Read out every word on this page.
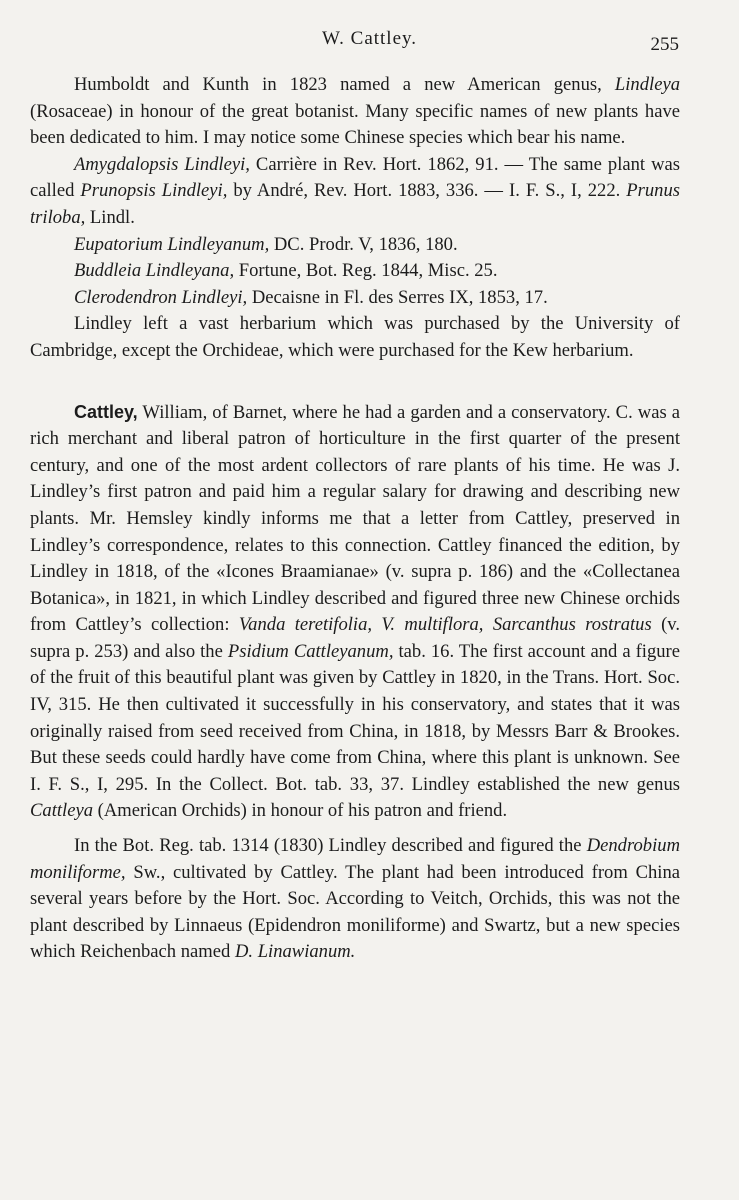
W. Cattley.	255

Humboldt and Kunth in 1823 named a new American genus, Lindleya (Rosaceae) in honour of the great botanist. Many specific names of new plants have been dedicated to him. I may notice some Chinese species which bear his name.

Amygdalopsis Lindleyi, Carrière in Rev. Hort. 1862, 91. — The same plant was called Prunopsis Lindleyi, by André, Rev. Hort. 1883, 336. — I. F. S., I, 222. Prunus triloba, Lindl.

Eupatorium Lindleyanum, DC. Prodr. V, 1836, 180.

Buddleia Lindleyana, Fortune, Bot. Reg. 1844, Misc. 25.

Clerodendron Lindleyi, Decaisne in Fl. des Serres IX, 1853, 17.

Lindley left a vast herbarium which was purchased by the University of Cambridge, except the Orchideae, which were purchased for the Kew herbarium.

Cattley, William, of Barnet, where he had a garden and a conservatory. C. was a rich merchant and liberal patron of horticulture in the first quarter of the present century, and one of the most ardent collectors of rare plants of his time. He was J. Lindley’s first patron and paid him a regular salary for drawing and describing new plants. Mr. Hemsley kindly informs me that a letter from Cattley, preserved in Lindley’s correspondence, relates to this connection. Cattley financed the edition, by Lindley in 1818, of the «Icones Braamianae» (v. supra p. 186) and the «Collectanea Botanica», in 1821, in which Lindley described and figured three new Chinese orchids from Cattley’s collection: Vanda teretifolia, V. multiflora, Sarcanthus rostratus (v. supra p. 253) and also the Psidium Cattleyanum, tab. 16. The first account and a figure of the fruit of this beautiful plant was given by Cattley in 1820, in the Trans. Hort. Soc. IV, 315. He then cultivated it successfully in his conservatory, and states that it was originally raised from seed received from China, in 1818, by Messrs Barr & Brookes. But these seeds could hardly have come from China, where this plant is unknown. See I. F. S., I, 295. In the Collect. Bot. tab. 33, 37. Lindley established the new genus Cattleya (American Orchids) in honour of his patron and friend.

In the Bot. Reg. tab. 1314 (1830) Lindley described and figured the Dendrobium moniliforme, Sw., cultivated by Cattley. The plant had been introduced from China several years before by the Hort. Soc. According to Veitch, Orchids, this was not the plant described by Linnaeus (Epidendron moniliforme) and Swartz, but a new species which Reichenbach named D. Linawianum.
